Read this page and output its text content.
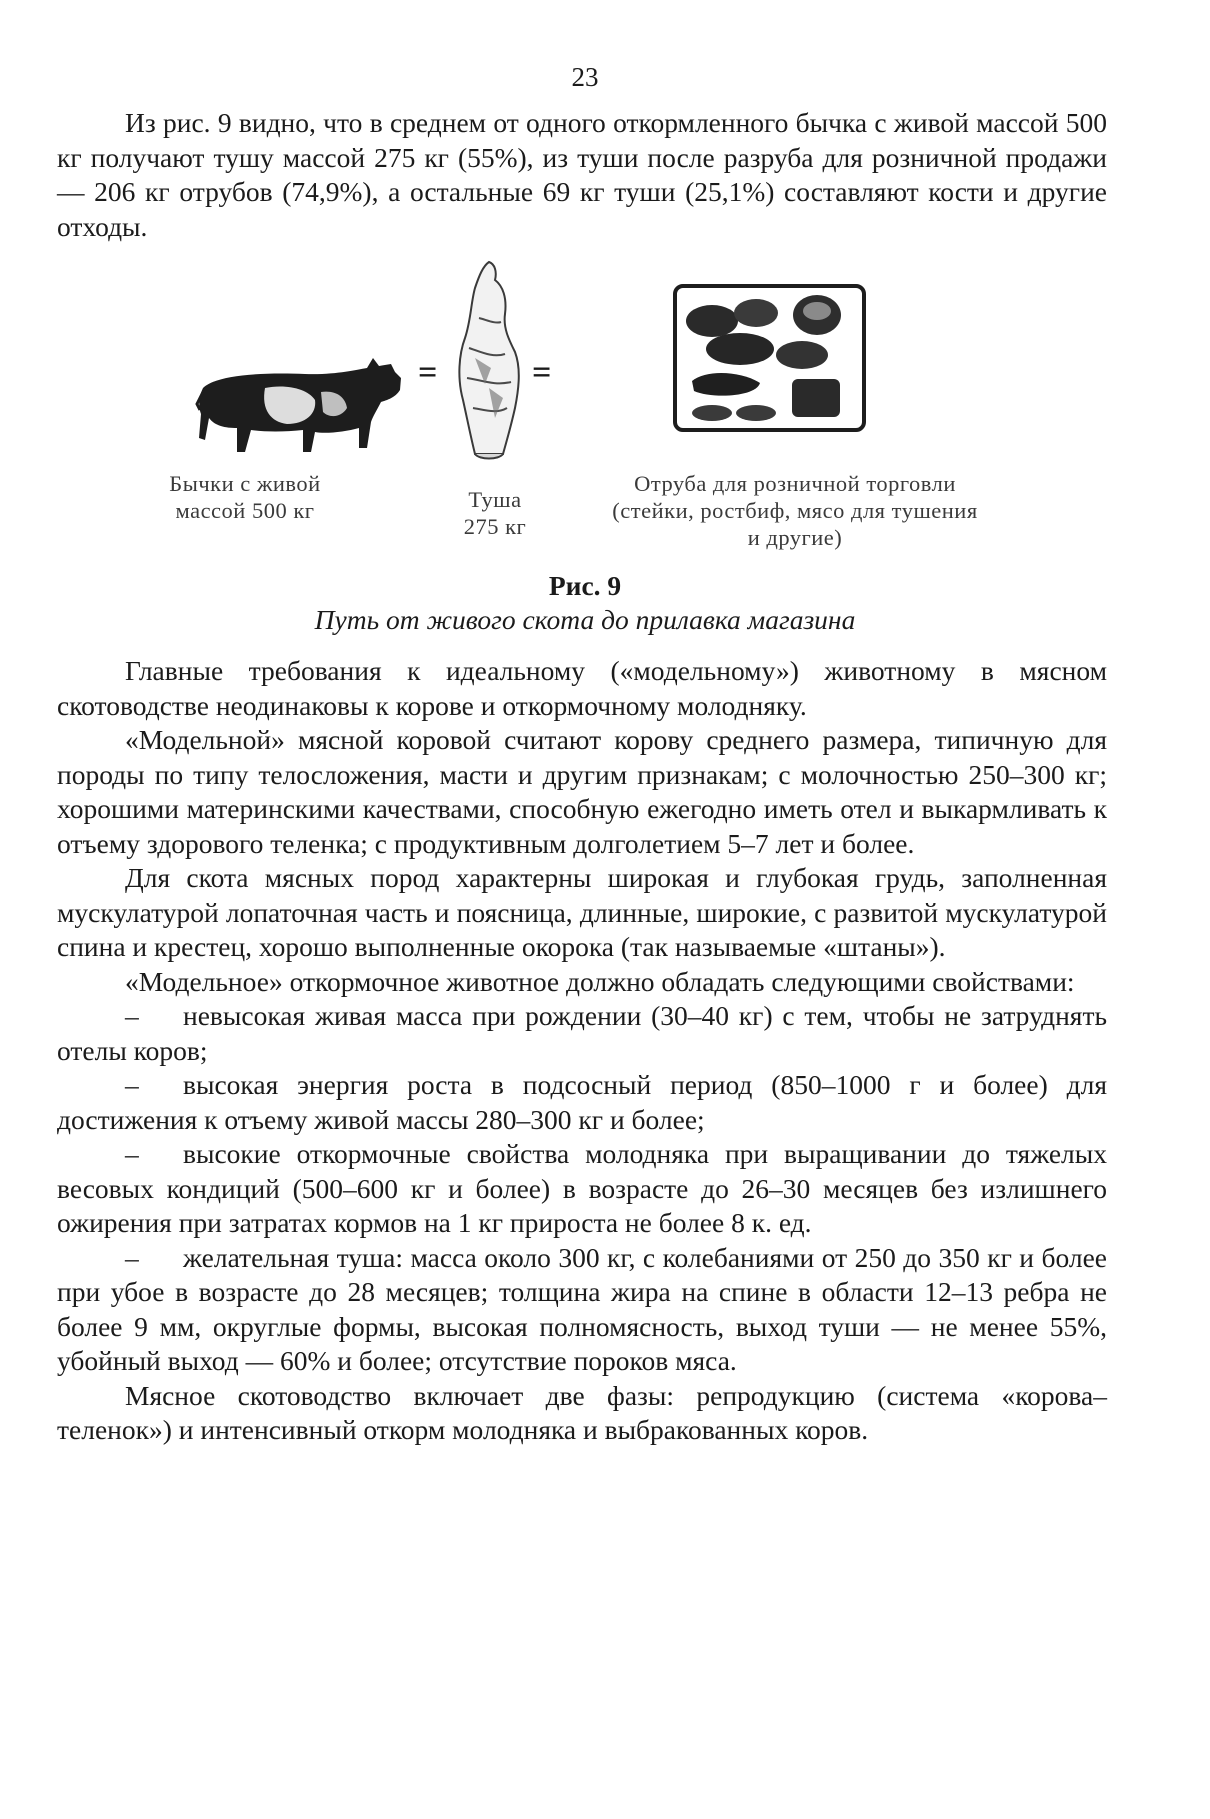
23

Из рис. 9 видно, что в среднем от одного откормленного бычка с живой массой 500 кг получают тушу массой 275 кг (55%), из туши после разруба для розничной продажи — 206 кг отрубов (74,9%), а остальные 69 кг туши (25,1%) составляют кости и другие отходы.

=	=
Бычки с живой
массой 500 кг	Туша
275 кг
Отруба для розничной торговли
(стейки, ростбиф, мясо для тушения
и другие)
Рис. 9
Путь от живого скота до прилавка магазина

Главные требования к идеальному («модельному») животному в мясном скотоводстве неодинаковы к корове и откормочному молодняку.

«Модельной» мясной коровой считают корову среднего размера, типичную для породы по типу телосложения, масти и другим признакам; с молочностью 250–300 кг; хорошими материнскими качествами, способную ежегодно иметь отел и выкармливать к отъему здорового теленка; с продуктивным долголетием 5–7 лет и более.

Для скота мясных пород характерны широкая и глубокая грудь, заполненная мускулатурой лопаточная часть и поясница, длинные, широкие, с развитой мускулатурой спина и крестец, хорошо выполненные окорока (так называемые «штаны»).

«Модельное» откормочное животное должно обладать следующими свойствами:

– невысокая живая масса при рождении (30–40 кг) с тем, чтобы не затруднять отелы коров;

– высокая энергия роста в подсосный период (850–1000 г и более) для достижения к отъему живой массы 280–300 кг и более;

– высокие откормочные свойства молодняка при выращивании до тяжелых весовых кондиций (500–600 кг и более) в возрасте до 26–30 месяцев без излишнего ожирения при затратах кормов на 1 кг прироста не более 8 к. ед.

– желательная туша: масса около 300 кг, с колебаниями от 250 до 350 кг и более при убое в возрасте до 28 месяцев; толщина жира на спине в области 12–13 ребра не более 9 мм, округлые формы, высокая полномясность, выход туши — не менее 55%, убойный выход — 60% и более; отсутствие пороков мяса.

Мясное скотоводство включает две фазы: репродукцию (система «корова–теленок») и интенсивный откорм молодняка и выбракованных коров.
